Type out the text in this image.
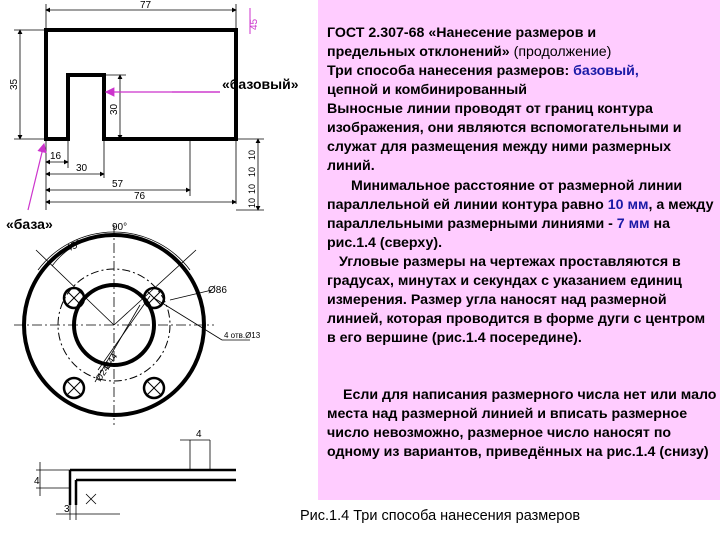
ГОСТ 2.307-68 «Нанесение размеров и
предельных отклонений» (продолжение)

Три способа нанесения размеров: базовый,
цепной и комбинированный

Выносные линии проводят от границ контура изображения, они являются вспомогательными и служат для размещения между ними размерных линий.

Минимальное расстояние от размерной линии параллельной ей линии контура равно 10 мм, а между параллельными размерными линиями - 7 мм на рис.1.4 (сверху).

Угловые размеры на чертежах проставляются в градусах, минутах и секундах с указанием единиц измерения. Размер угла наносят над размерной линией, которая проводится в форме дуги с центром в его вершине (рис.1.4 посередине).

Если для написания размерного числа нет или мало места над размерной линией и вписать размерное число невозможно, размерное число наносят по одному из вариантов, приведённых на рис.1.4 (снизу)

Рис.1.4 Три способа нанесения размеров
«базовый»
«база»
77
16
30
57
76
35
30
45
10
10
10
10
90°
45°
Ø86
4 отв.Ø13
Ø44
Ø24
4
4
3
